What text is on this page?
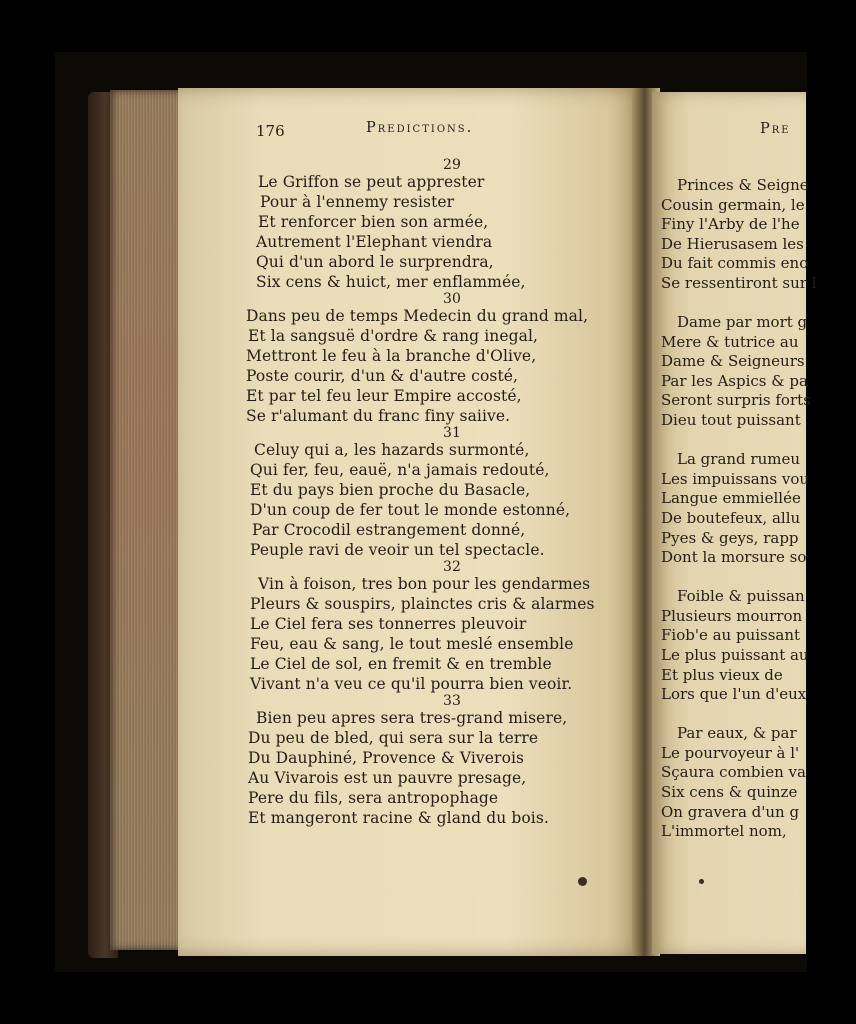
176	Predictions.
29
Le Griffon se peut apprester
Pour à l'ennemy resister
Et renforcer bien son armée,
Autrement l'Elephant viendra
Qui d'un abord le surprendra,
Six cens & huict, mer enflammée,
30
Dans peu de temps Medecin du grand mal,
Et la sangsuë d'ordre & rang inegal,
Mettront le feu à la branche d'Olive,
Poste courir, d'un & d'autre costé,
Et par tel feu leur Empire accosté,
Se r'alumant du franc finy saiive.
31
Celuy qui a, les hazards surmonté,
Qui fer, feu, eauë, n'a jamais redouté,
Et du pays bien proche du Basacle,
D'un coup de fer tout le monde estonné,
Par Crocodil estrangement donné,
Peuple ravi de veoir un tel spectacle.
32
Vin à foison, tres bon pour les gendarmes
Pleurs & souspirs, plainctes cris & alarmes
Le Ciel fera ses tonnerres pleuvoir
Feu, eau & sang, le tout meslé ensemble
Le Ciel de sol, en fremit & en tremble
Vivant n'a veu ce qu'il pourra bien veoir.
33
Bien peu apres sera tres-grand misere,
Du peu de bled, qui sera sur la terre
Du Dauphiné, Provence & Viverois
Au Vivarois est un pauvre presage,
Pere du fils, sera antropophage
Et mangeront racine & gland du bois.
Pre
Princes & Seigne
Cousin germain, le
Finy l'Arby de l'he
De Hierusasem les
Du fait commis eno
Se ressentiront sur l
Dame par mort g
Mere & tutrice au
Dame & Seigneurs
Par les Aspics & pa
Seront surpris forts
Dieu tout puissant
La grand rumeu
Les impuissans vou
Langue emmiellée
De boutefeux, allu
Pyes & geys, rapp
Dont la morsure so
Foible & puissan
Plusieurs mourron
Fiob'e au puissant
Le plus puissant au
Et plus vieux de
Lors que l'un d'eux
Par eaux, & par
Le pourvoyeur à l'
Sçaura combien va
Six cens & quinze
On gravera d'un g
L'immortel nom,
